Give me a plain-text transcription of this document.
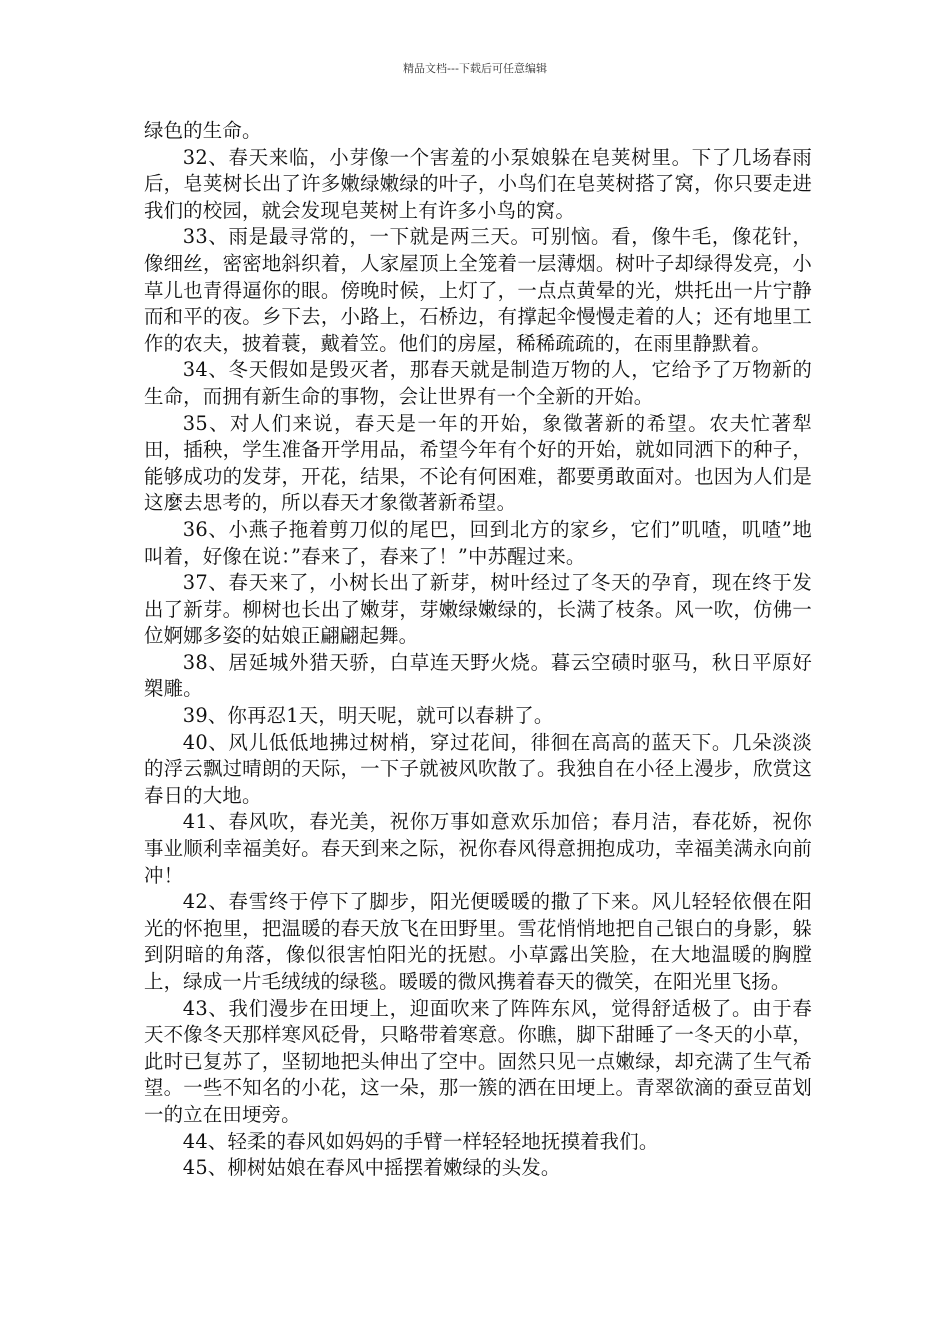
精品文档---下载后可任意编辑

绿色的生命。

32、春天来临，小芽像一个害羞的小泵娘躲在皂荚树里。下了几场春雨后，皂荚树长出了许多嫩绿嫩绿的叶子，小鸟们在皂荚树搭了窝，你只要走进我们的校园，就会发现皂荚树上有许多小鸟的窝。

33、雨是最寻常的，一下就是两三天。可别恼。看，像牛毛，像花针，像细丝，密密地斜织着，人家屋顶上全笼着一层薄烟。树叶子却绿得发亮，小草儿也青得逼你的眼。傍晚时候，上灯了，一点点黄晕的光，烘托出一片宁静而和平的夜。乡下去，小路上，石桥边，有撑起伞慢慢走着的人；还有地里工作的农夫，披着蓑，戴着笠。他们的房屋，稀稀疏疏的，在雨里静默着。

34、冬天假如是毁灭者，那春天就是制造万物的人，它给予了万物新的生命，而拥有新生命的事物，会让世界有一个全新的开始。

35、对人们来说，春天是一年的开始，象徵著新的希望。农夫忙著犁田，插秧，学生准备开学用品，希望今年有个好的开始，就如同洒下的种子，能够成功的发芽，开花，结果，不论有何困难，都要勇敢面对。也因为人们是这麼去思考的，所以春天才象徵著新希望。

36、小燕子拖着剪刀似的尾巴，回到北方的家乡，它们”叽喳，叽喳”地叫着，好像在说：”春来了，春来了！”中苏醒过来。

37、春天来了，小树长出了新芽，树叶经过了冬天的孕育，现在终于发出了新芽。柳树也长出了嫩芽，芽嫩绿嫩绿的，长满了枝条。风一吹，仿佛一位婀娜多姿的姑娘正翩翩起舞。

38、居延城外猎天骄，白草连天野火烧。暮云空碛时驱马，秋日平原好槊雕。

39、你再忍1天，明天呢，就可以春耕了。

40、风儿低低地拂过树梢，穿过花间，徘徊在高高的蓝天下。几朵淡淡的浮云飘过晴朗的天际，一下子就被风吹散了。我独自在小径上漫步，欣赏这春日的大地。

41、春风吹，春光美，祝你万事如意欢乐加倍；春月洁，春花娇，祝你事业顺利幸福美好。春天到来之际，祝你春风得意拥抱成功，幸福美满永向前冲！

42、春雪终于停下了脚步，阳光便暖暖的撒了下来。风儿轻轻依偎在阳光的怀抱里，把温暖的春天放飞在田野里。雪花悄悄地把自己银白的身影，躲到阴暗的角落，像似很害怕阳光的抚慰。小草露出笑脸，在大地温暖的胸膛上，绿成一片毛绒绒的绿毯。暖暖的微风携着春天的微笑，在阳光里飞扬。

43、我们漫步在田埂上，迎面吹来了阵阵东风，觉得舒适极了。由于春天不像冬天那样寒风砭骨，只略带着寒意。你瞧，脚下甜睡了一冬天的小草，此时已复苏了，坚韧地把头伸出了空中。固然只见一点嫩绿，却充满了生气希望。一些不知名的小花，这一朵，那一簇的洒在田埂上。青翠欲滴的蚕豆苗划一的立在田埂旁。

44、轻柔的春风如妈妈的手臂一样轻轻地抚摸着我们。

45、柳树姑娘在春风中摇摆着嫩绿的头发。
